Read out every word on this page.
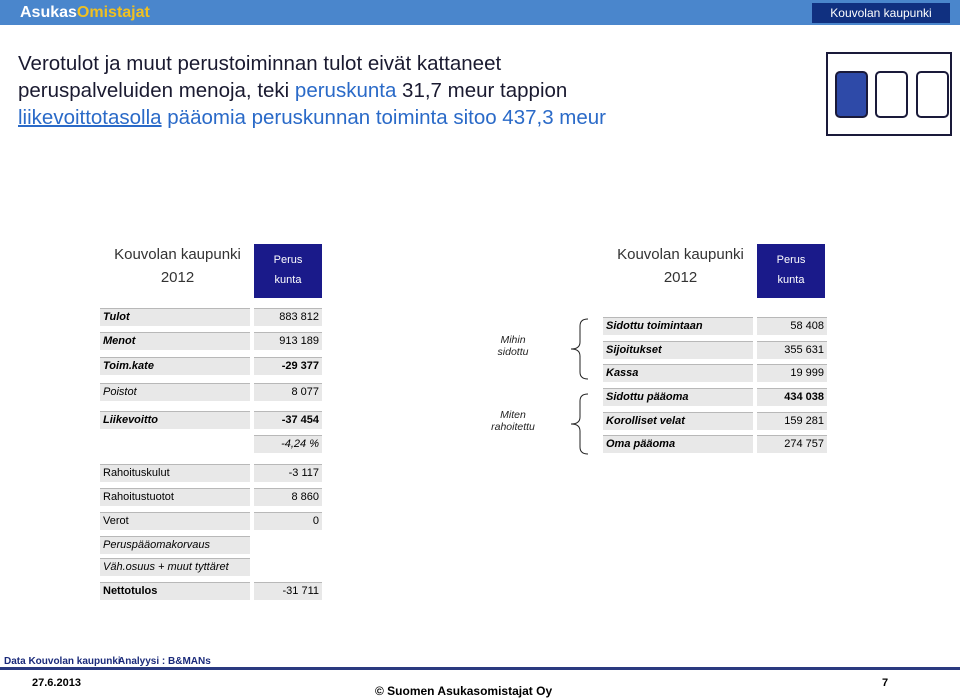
AsukasOmistajat	Kouvolan kaupunki
Verotulot ja muut perustoiminnan tulot eivät kattaneet
peruspalveluiden menoja, teki peruskunta 31,7 meur tappion
liikevoittotasolla pääomia peruskunnan toiminta sitoo 437,3 meur
Kouvolan kaupunki
2012
Perus
kunta
Kouvolan kaupunki
2012
Perus
kunta
Tulot	883 812
Menot	913 189
Toim.kate	-29 377
Poistot	8 077
Liikevoitto	-37 454
-4,24 %
Rahoituskulut	-3 117
Rahoitustuotot	8 860
Verot	0
Peruspääomakorvaus
Väh.osuus + muut tyttäret
Nettotulos	-31 711
Mihin
sidottu
Miten
rahoitettu
Sidottu toimintaan	58 408
Sijoitukset	355 631
Kassa	19 999
Sidottu pääoma	434 038
Korolliset velat	159 281
Oma pääoma	274 757
Data Kouvolan kaupunki
Analyysi : B&MANs
27.6.2013
© Suomen Asukasomistajat Oy
7
